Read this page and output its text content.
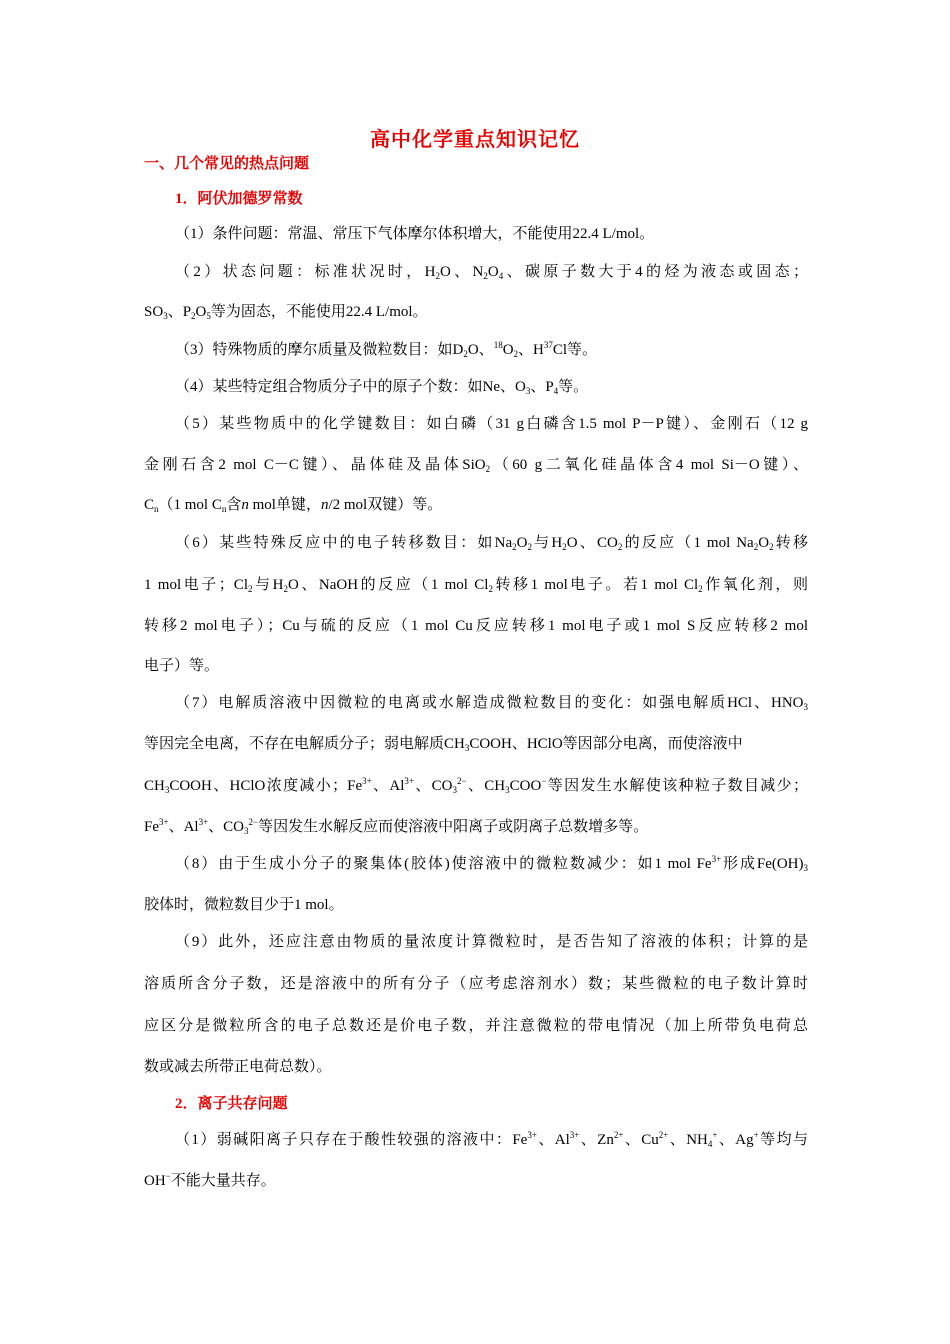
高中化学重点知识记忆
一、几个常见的热点问题
1．阿伏加德罗常数
（1）条件问题：常温、常压下气体摩尔体积增大，不能使用22.4 L/mol。
（2）状态问题：标准状况时，$H_2O$、$N_2O_4$、碳原子数大于4的烃为液态或固态；
$SO_3$、$P_2O_5$等为固态，不能使用22.4 L/mol。
（3）特殊物质的摩尔质量及微粒数目：如$D_2O$、$^{18}O_2$、$H^{37}Cl$等。
（4）某些特定组合物质分子中的原子个数：如Ne、$O_3$、$P_4$等。
（5）某些物质中的化学键数目：如白磷（31 g白磷含1.5 mol P－P键）、金刚石（12 g
金刚石含2 mol C－C键）、晶体硅及晶体SiO$_2$（60 g二氧化硅晶体含4 mol Si－O键）、
$C_n(1$ mol $C_n$含n mol单键，n/2 mol双键）等。
（6）某些特殊反应中的电子转移数目：如$Na_2O_2$与$H_2O$、$CO_2$的反应（1 mol $Na_2O_2$转移
1 mol电子；$Cl_2$与$H_2O$、NaOH的反应（1 mol $Cl_2$转移1 mol电子。若1 mol $Cl_2$作氧化剂，则
转移2 mol电子）；Cu与硫的反应（1 mol Cu反应转移1 mol电子或1 mol S反应转移2 mol
电子）等。
（7）电解质溶液中因微粒的电离或水解造成微粒数目的变化：如强电解质HCl、$HNO_3$
等因完全电离，不存在电解质分子；弱电解质$CH_3COOH$、HClO等因部分电离，而使溶液中
$CH_3COOH$、HClO浓度减小；$Fe^{3+}$、$Al^{3+}$、$CO_3^{2-}$、$CH_3COO^-$等因发生水解使该种粒子数目减少；
$Fe^{3+}$、$Al^{3+}$、$CO_3^{2-}$等因发生水解反应而使溶液中阳离子或阴离子总数增多等。
（8）由于生成小分子的聚集体(胶体)使溶液中的微粒数减少：如1 mol $Fe^{3+}$形成$Fe(OH)_3$
胶体时，微粒数目少于1 mol。
（9）此外，还应注意由物质的量浓度计算微粒时，是否告知了溶液的体积；计算的是
溶质所含分子数，还是溶液中的所有分子（应考虑溶剂水）数；某些微粒的电子数计算时
应区分是微粒所含的电子总数还是价电子数，并注意微粒的带电情况（加上所带负电荷总
数或减去所带正电荷总数）。
2．离子共存问题
（1）弱碱阳离子只存在于酸性较强的溶液中：$Fe^{3+}$、$Al^{3+}$、$Zn^{2+}$、$Cu^{2+}$、$NH_4^+$、Ag+等均与
OH−不能大量共存。
